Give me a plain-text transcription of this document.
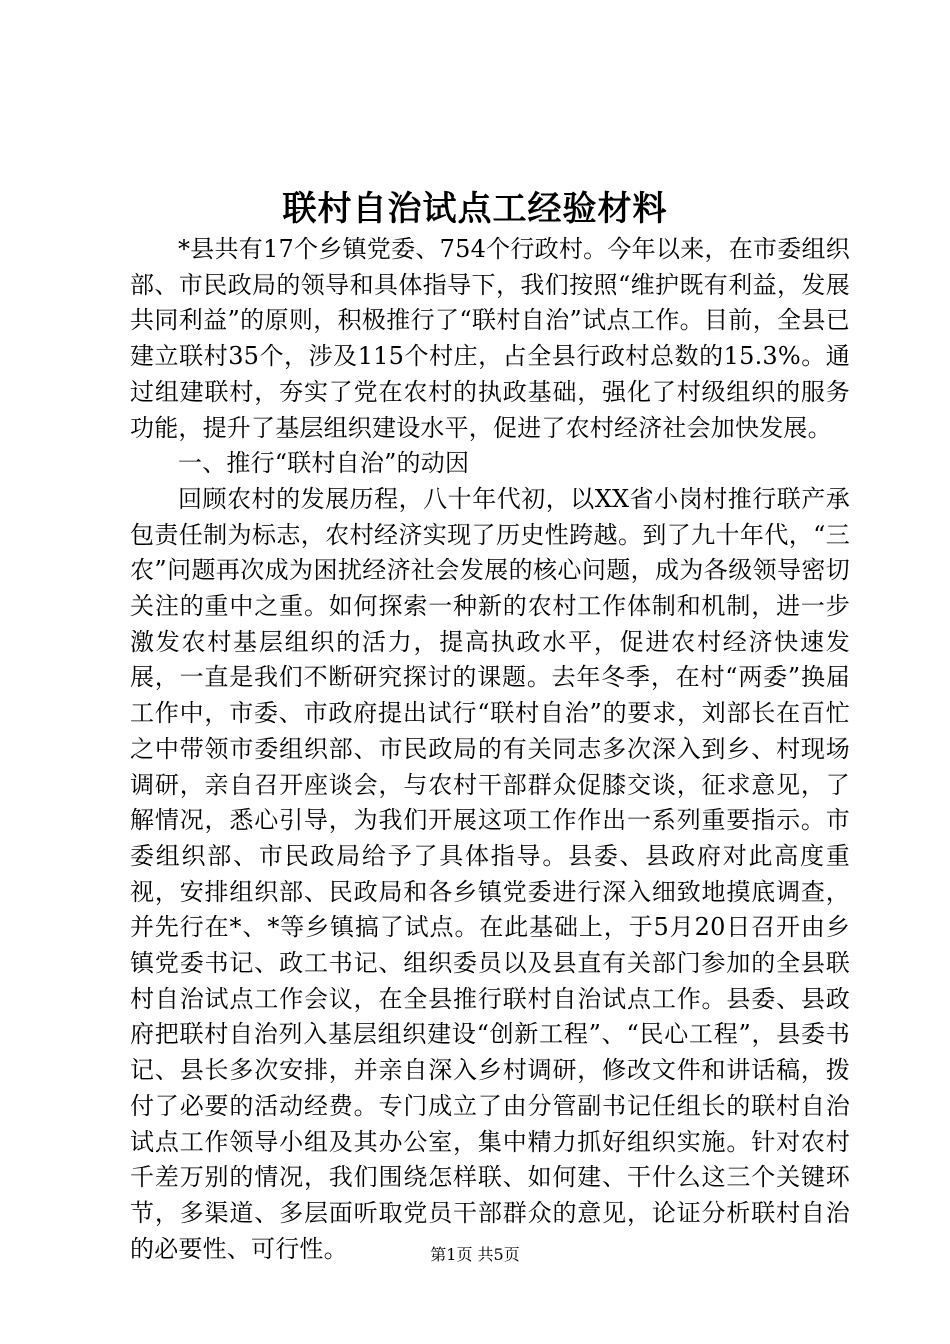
联村自治试点工经验材料

*县共有17个乡镇党委、754个行政村。今年以来，在市委组织部、市民政局的领导和具体指导下，我们按照“维护既有利益，发展共同利益”的原则，积极推行了“联村自治”试点工作。目前，全县已建立联村35个，涉及115个村庄，占全县行政村总数的15.3%。通过组建联村，夯实了党在农村的执政基础，强化了村级组织的服务功能，提升了基层组织建设水平，促进了农村经济社会加快发展。

一、推行“联村自治”的动因

回顾农村的发展历程，八十年代初，以XX省小岗村推行联产承包责任制为标志，农村经济实现了历史性跨越。到了九十年代，“三农”问题再次成为困扰经济社会发展的核心问题，成为各级领导密切关注的重中之重。如何探索一种新的农村工作体制和机制，进一步激发农村基层组织的活力，提高执政水平，促进农村经济快速发展，一直是我们不断研究探讨的课题。去年冬季，在村“两委”换届工作中，市委、市政府提出试行“联村自治”的要求，刘部长在百忙之中带领市委组织部、市民政局的有关同志多次深入到乡、村现场调研，亲自召开座谈会，与农村干部群众促膝交谈，征求意见，了解情况，悉心引导，为我们开展这项工作作出一系列重要指示。市委组织部、市民政局给予了具体指导。县委、县政府对此高度重视，安排组织部、民政局和各乡镇党委进行深入细致地摸底调查，并先行在*、*等乡镇搞了试点。在此基础上，于5月20日召开由乡镇党委书记、政工书记、组织委员以及县直有关部门参加的全县联村自治试点工作会议，在全县推行联村自治试点工作。县委、县政府把联村自治列入基层组织建设“创新工程”、“民心工程”，县委书记、县长多次安排，并亲自深入乡村调研，修改文件和讲话稿，拨付了必要的活动经费。专门成立了由分管副书记任组长的联村自治试点工作领导小组及其办公室，集中精力抓好组织实施。针对农村千差万别的情况，我们围绕怎样联、如何建、干什么这三个关键环节，多渠道、多层面听取党员干部群众的意见，论证分析联村自治的必要性、可行性。	第1页 共5页
